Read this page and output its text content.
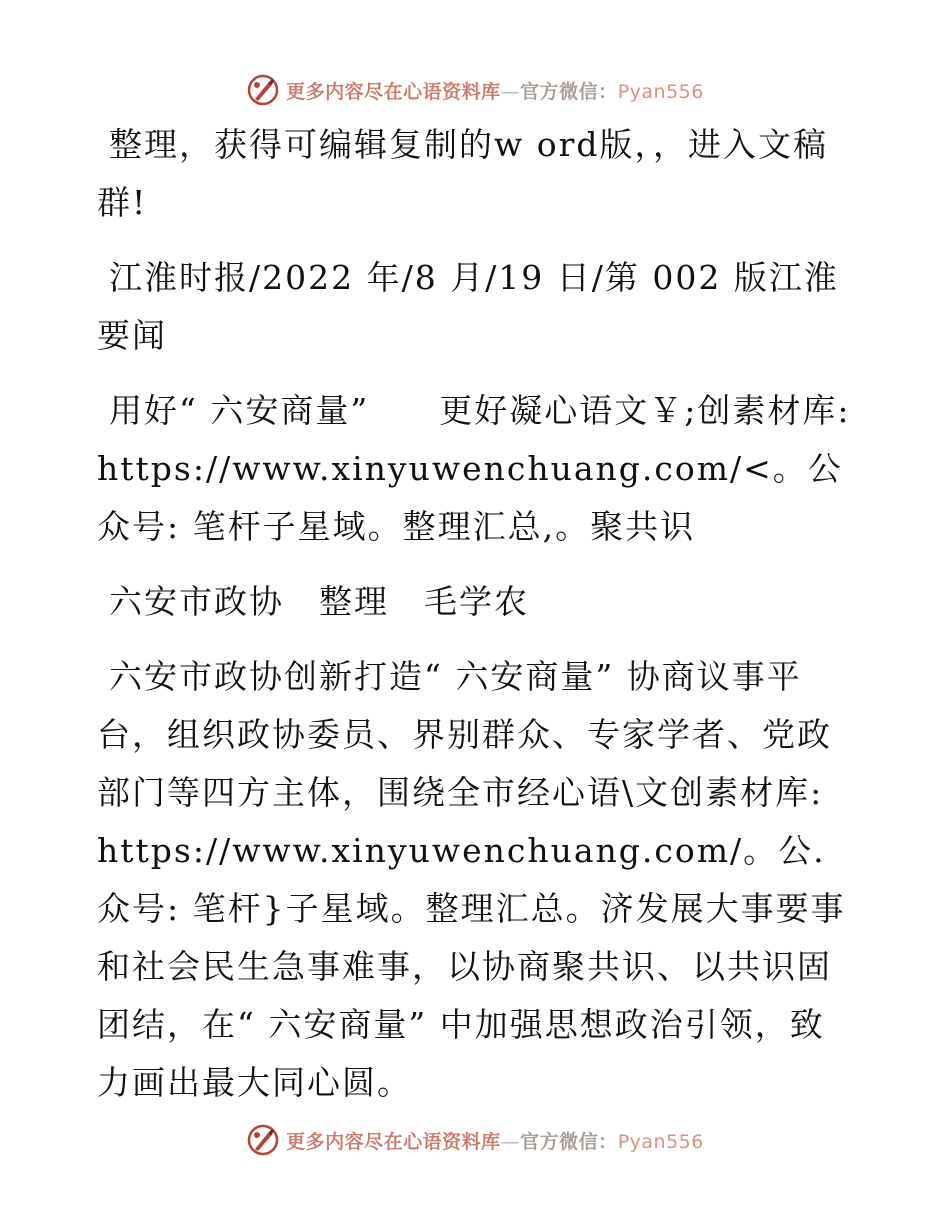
更多内容尽在心语资料库—官方微信：Pyan556

整理，获得可编辑复制的w ord版，，进入文稿群!

江淮时报/2022 年/8 月/19 日/第 002 版江淮要闻

用好“ 六安商量”　　更好凝心语文￥;创素材库: https://www.xinyuwenchuang.com/<。公众号: 笔杆子星域。整理汇总,。聚共识

六安市政协　整理　毛学农

六安市政协创新打造“ 六安商量” 协商议事平台，组织政协委员、界别群众、专家学者、党政部门等四方主体，围绕全市经心语\文创素材库: https://www.xinyuwenchuang.com/。公.众号: 笔杆}子星域。整理汇总。济发展大事要事和社会民生急事难事，以协商聚共识、以共识固团结，在“ 六安商量” 中加强思想政治引领，致力画出最大同心圆。

更多内容尽在心语资料库—官方微信：Pyan556
